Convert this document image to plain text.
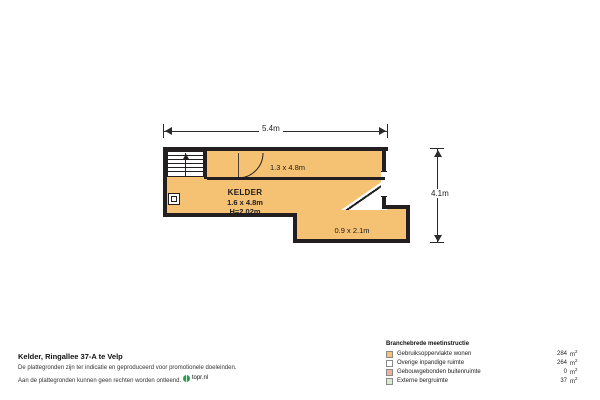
5.4m
4.1m
1.3 x 4.8m
KELDER
1.6 x 4.8m
H=2.02m
0.9 x 2.1m
Kelder, Ringallee 37-A te Velp
De plattegronden zijn ter indicatie en geproduceerd voor promotionele doeleinden.
Aan de plattegronden kunnen geen rechten worden ontleend.
topr.nl
Branchebrede meetinstructie
Gebruiksoppervlakte wonen	284 $m^2$
Overige inpandige ruimte	264 $m^2$
Gebouwgebonden buitenruimte	0 $m^2$
Externe bergruimte	37 $m^2$
